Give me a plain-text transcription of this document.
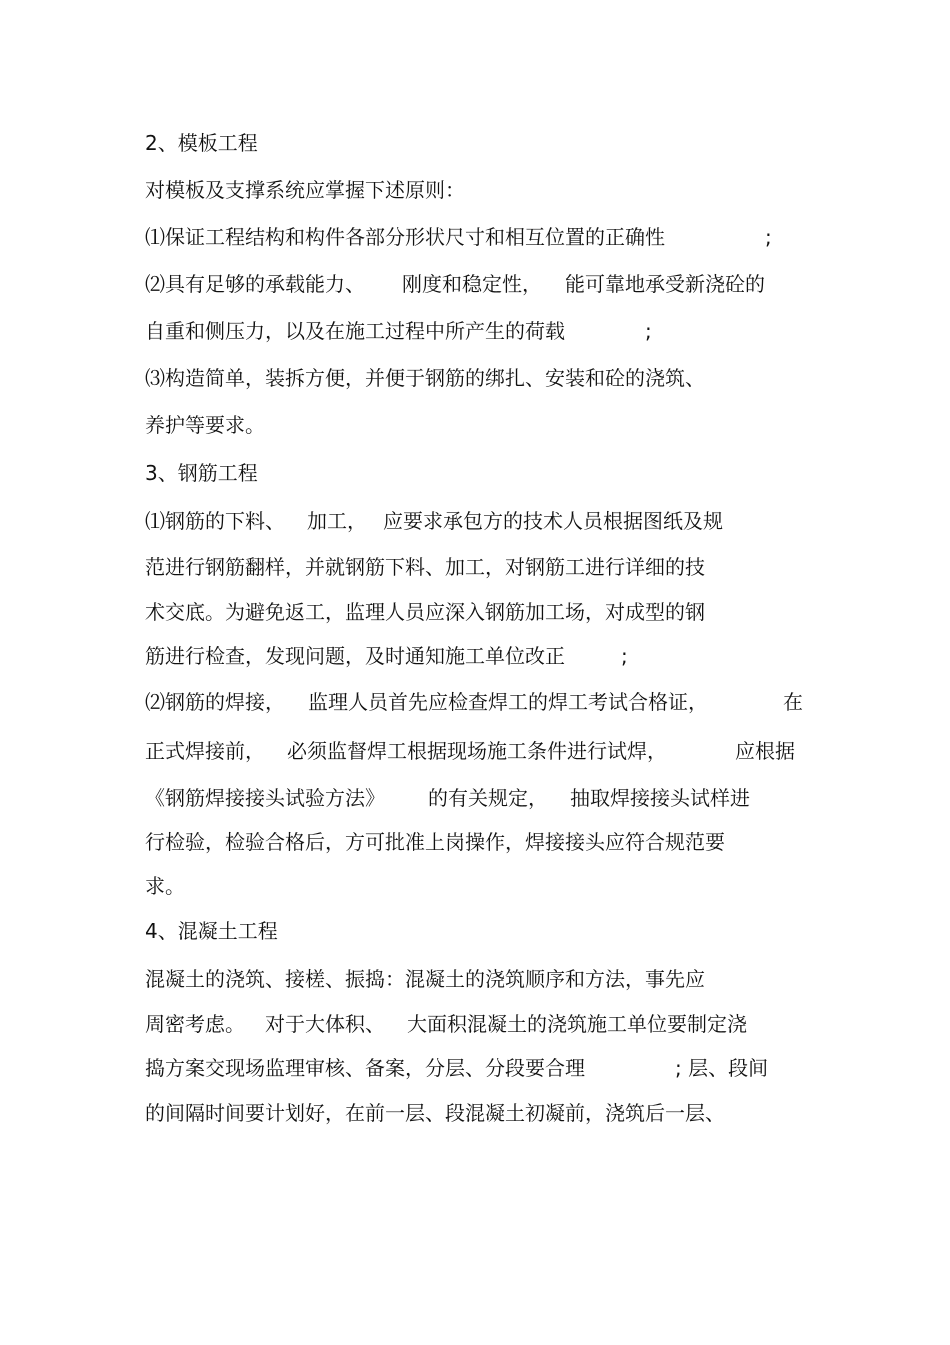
2、模板工程

对模板及支撑系统应掌握下述原则：

⑴保证工程结构和构件各部分形状尺寸和相互位置的正确性

	;

⑵具有足够的承载能力、

刚度和稳定性，

能可靠地承受新浇砼的

自重和侧压力，以及在施工过程中所产生的荷载

	;

⑶构造简单，装拆方便，并便于钢筋的绑扎、安装和砼的浇筑、

养护等要求。

3、钢筋工程

⑴钢筋的下料、

加工，

应要求承包方的技术人员根据图纸及规

范进行钢筋翻样，并就钢筋下料、加工，对钢筋工进行详细的技

术交底。为避免返工，监理人员应深入钢筋加工场，对成型的钢

筋进行检查，发现问题，及时通知施工单位改正

	;

⑵钢筋的焊接，

监理人员首先应检查焊工的焊工考试合格证，

	在

正式焊接前，

必须监督焊工根据现场施工条件进行试焊，

	应根据

《钢筋焊接接头试验方法》

的有关规定，

抽取焊接接头试样进

行检验，检验合格后，方可批准上岗操作，焊接接头应符合规范要

求。

4、混凝土工程

混凝土的浇筑、接槎、振捣：混凝土的浇筑顺序和方法，事先应

周密考虑。

对于大体积、

大面积混凝土的浇筑施工单位要制定浇

捣方案交现场监理审核、备案，分层、分段要合理

	; 层、段间

的间隔时间要计划好，在前一层、段混凝土初凝前，浇筑后一层、
